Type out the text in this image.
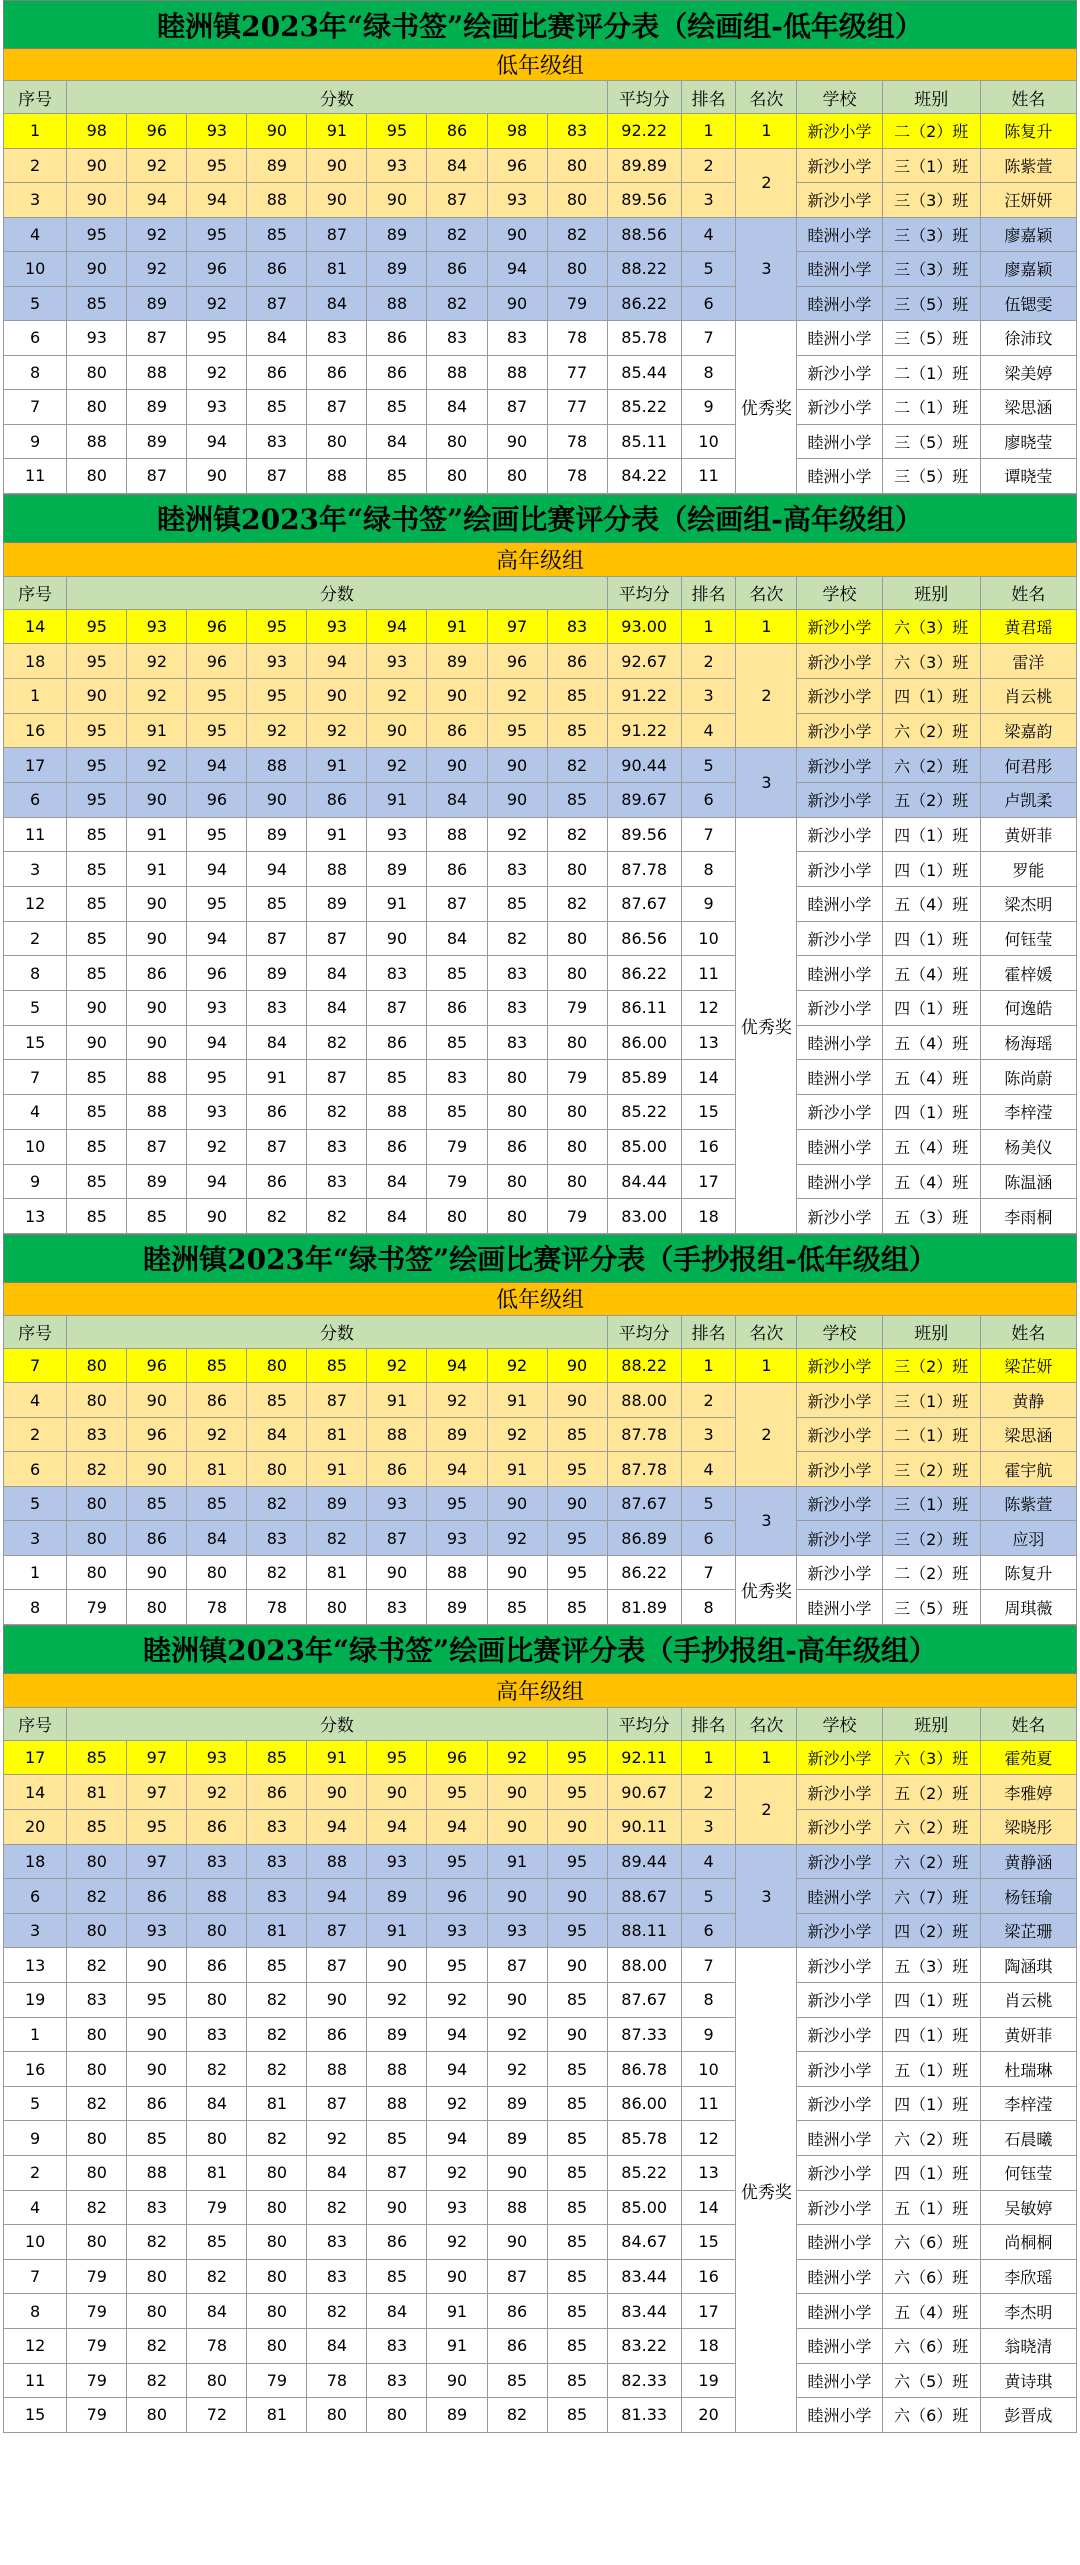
睦洲镇2023年“绿书签”绘画比赛评分表（绘画组-低年级组）															
低年级组															
序号	分数									平均分	排名	名次	学校	班别	姓名
1	98	96	93	90	91	95	86	98	83	92.22	1	1	新沙小学	二（2）班	陈复升
2	90	92	95	89	90	93	84	96	80	89.89	2	2	新沙小学	三（1）班	陈紫萱
3	90	94	94	88	90	90	87	93	80	89.56	3		新沙小学	三（3）班	汪妍妍
4	95	92	95	85	87	89	82	90	82	88.56	4	3	睦洲小学	三（3）班	廖嘉颖
10	90	92	96	86	81	89	86	94	80	88.22	5		睦洲小学	三（3）班	廖嘉颖
5	85	89	92	87	84	88	82	90	79	86.22	6		睦洲小学	三（5）班	伍锶雯
6	93	87	95	84	83	86	83	83	78	85.78	7	优秀奖	睦洲小学	三（5）班	徐沛玟
8	80	88	92	86	86	86	88	88	77	85.44	8		新沙小学	二（1）班	梁美婷
7	80	89	93	85	87	85	84	87	77	85.22	9		新沙小学	二（1）班	梁思涵
9	88	89	94	83	80	84	80	90	78	85.11	10		睦洲小学	三（5）班	廖晓莹
11	80	87	90	87	88	85	80	80	78	84.22	11		睦洲小学	三（5）班	谭晓莹
睦洲镇2023年“绿书签”绘画比赛评分表（绘画组-高年级组）															
高年级组															
序号	分数									平均分	排名	名次	学校	班别	姓名
14	95	93	96	95	93	94	91	97	83	93.00	1	1	新沙小学	六（3）班	黄君瑶
18	95	92	96	93	94	93	89	96	86	92.67	2	2	新沙小学	六（3）班	雷洋
1	90	92	95	95	90	92	90	92	85	91.22	3		新沙小学	四（1）班	肖云桃
16	95	91	95	92	92	90	86	95	85	91.22	4		新沙小学	六（2）班	梁嘉韵
17	95	92	94	88	91	92	90	90	82	90.44	5	3	新沙小学	六（2）班	何君彤
6	95	90	96	90	86	91	84	90	85	89.67	6		新沙小学	五（2）班	卢凯柔
11	85	91	95	89	91	93	88	92	82	89.56	7	优秀奖	新沙小学	四（1）班	黄妍菲
3	85	91	94	94	88	89	86	83	80	87.78	8		新沙小学	四（1）班	罗能
12	85	90	95	85	89	91	87	85	82	87.67	9		睦洲小学	五（4）班	梁杰明
2	85	90	94	87	87	90	84	82	80	86.56	10		新沙小学	四（1）班	何钰莹
8	85	86	96	89	84	83	85	83	80	86.22	11		睦洲小学	五（4）班	霍梓媛
5	90	90	93	83	84	87	86	83	79	86.11	12		新沙小学	四（1）班	何逸皓
15	90	90	94	84	82	86	85	83	80	86.00	13		睦洲小学	五（4）班	杨海瑶
7	85	88	95	91	87	85	83	80	79	85.89	14		睦洲小学	五（4）班	陈尚蔚
4	85	88	93	86	82	88	85	80	80	85.22	15		新沙小学	四（1）班	李梓滢
10	85	87	92	87	83	86	79	86	80	85.00	16		睦洲小学	五（4）班	杨美仪
9	85	89	94	86	83	84	79	80	80	84.44	17		睦洲小学	五（4）班	陈温涵
13	85	85	90	82	82	84	80	80	79	83.00	18		新沙小学	五（3）班	李雨桐
睦洲镇2023年“绿书签”绘画比赛评分表（手抄报组-低年级组）															
低年级组															
序号	分数									平均分	排名	名次	学校	班别	姓名
7	80	96	85	80	85	92	94	92	90	88.22	1	1	新沙小学	三（2）班	梁芷妍
4	80	90	86	85	87	91	92	91	90	88.00	2	2	新沙小学	三（1）班	黄静
2	83	96	92	84	81	88	89	92	85	87.78	3		新沙小学	二（1）班	梁思涵
6	82	90	81	80	91	86	94	91	95	87.78	4		新沙小学	三（2）班	霍宇航
5	80	85	85	82	89	93	95	90	90	87.67	5	3	新沙小学	三（1）班	陈紫萱
3	80	86	84	83	82	87	93	92	95	86.89	6		新沙小学	三（2）班	应羽
1	80	90	80	82	81	90	88	90	95	86.22	7	优秀奖	新沙小学	二（2）班	陈复升
8	79	80	78	78	80	83	89	85	85	81.89	8		睦洲小学	三（5）班	周琪薇
睦洲镇2023年“绿书签”绘画比赛评分表（手抄报组-高年级组）															
高年级组															
序号	分数									平均分	排名	名次	学校	班别	姓名
17	85	97	93	85	91	95	96	92	95	92.11	1	1	新沙小学	六（3）班	霍苑夏
14	81	97	92	86	90	90	95	90	95	90.67	2	2	新沙小学	五（2）班	李雅婷
20	85	95	86	83	94	94	94	90	90	90.11	3		新沙小学	六（2）班	梁晓彤
18	80	97	83	83	88	93	95	91	95	89.44	4	3	新沙小学	六（2）班	黄静涵
6	82	86	88	83	94	89	96	90	90	88.67	5		睦洲小学	六（7）班	杨钰瑜
3	80	93	80	81	87	91	93	93	95	88.11	6		新沙小学	四（2）班	梁芷珊
13	82	90	86	85	87	90	95	87	90	88.00	7	优秀奖	新沙小学	五（3）班	陶涵琪
19	83	95	80	82	90	92	92	90	85	87.67	8		新沙小学	四（1）班	肖云桃
1	80	90	83	82	86	89	94	92	90	87.33	9		新沙小学	四（1）班	黄妍菲
16	80	90	82	82	88	88	94	92	85	86.78	10		新沙小学	五（1）班	杜瑞琳
5	82	86	84	81	87	88	92	89	85	86.00	11		新沙小学	四（1）班	李梓滢
9	80	85	80	82	92	85	94	89	85	85.78	12		睦洲小学	六（2）班	石晨曦
2	80	88	81	80	84	87	92	90	85	85.22	13		新沙小学	四（1）班	何钰莹
4	82	83	79	80	82	90	93	88	85	85.00	14		新沙小学	五（1）班	吴敏婷
10	80	82	85	80	83	86	92	90	85	84.67	15		睦洲小学	六（6）班	尚桐桐
7	79	80	82	80	83	85	90	87	85	83.44	16		睦洲小学	六（6）班	李欣瑶
8	79	80	84	80	82	84	91	86	85	83.44	17		睦洲小学	五（4）班	李杰明
12	79	82	78	80	84	83	91	86	85	83.22	18		睦洲小学	六（6）班	翁晓清
11	79	82	80	79	78	83	90	85	85	82.33	19		睦洲小学	六（5）班	黄诗琪
15	79	80	72	81	80	80	89	82	85	81.33	20		睦洲小学	六（6）班	彭晋成
